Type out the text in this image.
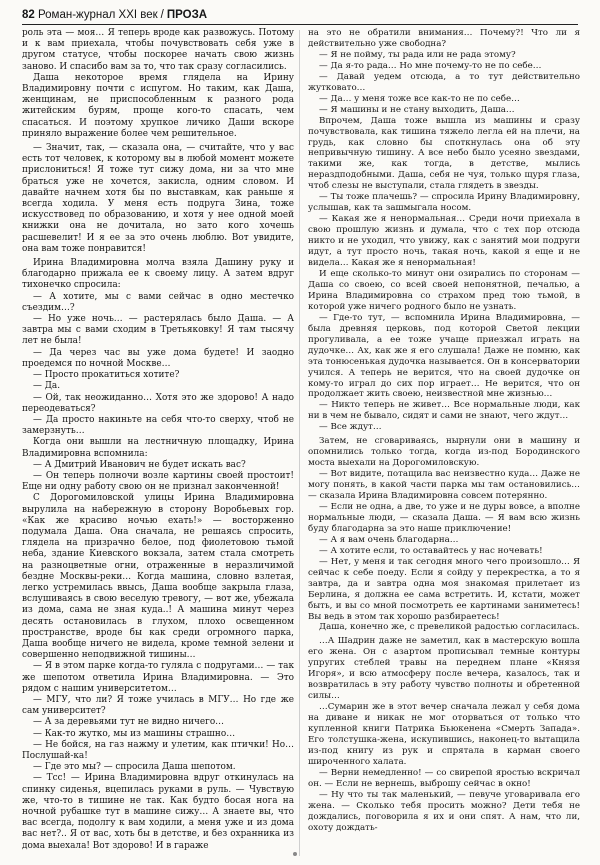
82 Роман-журнал XXI век / ПРОЗА

роль эта — моя… Я теперь вроде как развожусь. Потому и к вам приехала, чтобы почувствовать себя уже в другом статусе, чтобы поскорее начать свою жизнь заново. И спасибо вам за то, что так сразу согласились.

Даша некоторое время глядела на Ирину Владимировну почти с испугом. Но таким, как Даша, женщинам, не приспособленным к разного рода житейским бурям, проще кого-то спасать, чем спасаться. И поэтому хрупкое личико Даши вскоре приняло выражение более чем решительное.

— Значит, так, — сказала она, — считайте, что у вас есть тот человек, к которому вы в любой момент можете прислониться! Я тоже тут сижу дома, ни за что мне браться уже не хочется, закисла, одним словом. И давайте начнем хотя бы по выставкам, как раньше я всегда ходила. У меня есть подруга Зина, тоже искусствовед по образованию, и хотя у нее одной моей книжки она не дочитала, но зато кого хочешь расшевелит! И я ее за это очень люблю. Вот увидите, она вам тоже понравится!

Ирина Владимировна молча взяла Дашину руку и благодарно прижала ее к своему лицу. А затем вдруг тихонечко спросила:

— А хотите, мы с вами сейчас в одно местечко съездим…?

— Но уже ночь… — растерялась было Даша. — А завтра мы с вами сходим в Третьяковку! Я там тысячу лет не была!

— Да через час вы уже дома будете! И заодно проедемся по ночной Москве…

— Просто прокатиться хотите?

— Да.

— Ой, так неожиданно… Хотя это же здорово! А надо переодеваться?

— Да просто накиньте на себя что-то сверху, чтоб не замерзнуть…

Когда они вышли на лестничную площадку, Ирина Владимировна вспомнила:

— А Дмитрий Иванович не будет искать вас?

— Он теперь полночи возле картины своей простоит! Еще ни одну работу свою он не признал законченной!

С Дорогомиловской улицы Ирина Владимировна вырулила на набережную в сторону Воробьевых гор. «Как же красиво ночью ехать!» — восторженно подумала Даша. Она сначала, не решаясь спросить, глядела на призрачно белое, под фиолетовою тьмой неба, здание Киевского вокзала, затем стала смотреть на разноцветные огни, отраженные в неразличимой бездне Москвы-реки… Когда машина, словно взлетая, легко устремилась ввысь, Даша вообще закрыла глаза, вслушиваясь в свою веселую тревогу, — вот же, убежала из дома, сама не зная куда..! А машина минут через десять остановилась в глухом, плохо освещенном пространстве, вроде бы как среди огромного парка, Даша вообще ничего не видела, кроме темной зелени и совершенно неподвижной тишины…

— Я в этом парке когда-то гуляла с подругами… — так же шепотом ответила Ирина Владимировна. — Это рядом с нашим университетом…

— МГУ, что ли? Я тоже училась в МГУ… Но где же сам университет?

— А за деревьями тут не видно ничего…

— Как-то жутко, мы из машины страшно…

— Не бойся, на газ нажму и улетим, как птички! Но… Послушай-ка!

— Где это мы? — спросила Даша шепотом.

— Тсс! — Ирина Владимировна вдруг откинулась на спинку сиденья, вцепилась руками в руль. — Чувствую же, что-то в тишине не так. Как будто босая нога на ночной рубашке тут в машине сижу… А знаете вы, что вас всегда, подолгу к вам ходили, а меня уже и из дома вас нет?.. Я от вас, хоть бы в детстве, и без охранника из дома выехала! Вот здорово! И в гараже

на это не обратили внимания… Почему?! Что ли я действительно уже свободна?

— Я не пойму, ты рада или не рада этому?

— Да я-то рада… Но мне почему-то не по себе…

— Давай уедем отсюда, а то тут действительно жутковато…

— Да… у меня тоже все как-то не по себе…

— Я машины и не стану выходить, Даша…

Впрочем, Даша тоже вышла из машины и сразу почувствовала, как тишина тяжело легла ей на плечи, на грудь, как словно бы споткнулась она об эту непривычную тишину. А все небо было усеяно звездами, такими же, как тогда, в детстве, мылись нераздподобными. Даша, себя не чуя, только щуря глаза, чтоб слезы не выступали, стала глядеть в звезды.

— Ты тоже плачешь? — спросила Ирину Владимировну, услышав, как та зашмыгала носом.

— Какая же я ненормальная… Среди ночи приехала в свою прошлую жизнь и думала, что с тех пор отсюда никто и не уходил, что увижу, как с занятий мои подруги идут, а тут просто ночь, такая ночь, какой я еще и не видела… Какая же я ненормальная!

И еще сколько-то минут они озирались по сторонам — Даша со своею, со всей своей непонятной, печалью, а Ирина Владимировна со страхом пред тою тьмой, в которой уже ничего родного было не узнать.

— Где-то тут, — вспомнила Ирина Владимировна, — была древняя церковь, под которой Светой лекции прогуливала, а ее тоже учаще приезжал играть на дудочке… Ах, как же я его слушала! Даже не помню, как эта тонюсенькая дудочка называется. Он в консерватории учился. А теперь не верится, что на своей дудочке он кому-то играл до сих пор играет… Не верится, что он продолжает жить своею, неизвестной мне жизнью…

— Никто теперь не живет… Все нормальные люди, как ни в чем не бывало, сидят и сами не знают, чего ждут…

— Все ждут…

Затем, не сговариваясь, нырнули они в машину и опомнились только тогда, когда из-под Бородинского моста выехали на Дорогомиловскую.

— Вот видите, потащила вас неизвестно куда… Даже не могу понять, в какой части парка мы там остановились… — сказала Ирина Владимировна совсем потерянно.

— Если не одна, а две, то уже и не дуры вовсе, а вполне нормальные люди, — сказала Даша. — Я вам всю жизнь буду благодарна за это наше приключение!

— А я вам очень благодарна…

— А хотите если, то оставайтесь у нас ночевать!

— Нет, у меня и так сегодня много чего произошло… Я сейчас к себе поеду. Если я сойду у перекрестка, а то я завтра, да и завтра одна моя знакомая прилетает из Берлина, я должна ее сама встретить. И, кстати, может быть, и вы со мной посмотреть ее картинами заниметесь! Вы ведь в этом так хорошо разбираетесь!

Даша, конечно же, с превеликой радостью согласилась.

…А Шадрин даже не заметил, как в мастерскую вошла его жена. Он с азартом прописывал темные контуры упругих стеблей травы на переднем плане «Князя Игоря», и всю атмосферу после вечера, казалось, так и возвратилась в эту работу чувство полноты и обретенной силы…

…Сумарин же в этот вечер сначала лежал у себя дома на диване и никак не мог оторваться от только что купленной книги Патрика Бьюкенена «Смерть Запада». Его толстушка-жена, искупившись, наконец-то вытащила из-под книгу из рук и спрятала в карман своего широченного халата.

— Верни немедленно! — со свирепой яростью вскричал он. — Если не вернешь, выброшу сейчас в окно!

— Ну что ты так маленький, — певуче уговаривала его жена. — Сколько тебя просить можно? Дети тебя не дождались, поговорила я их и они спят. А нам, что ли, охоту дождать-
